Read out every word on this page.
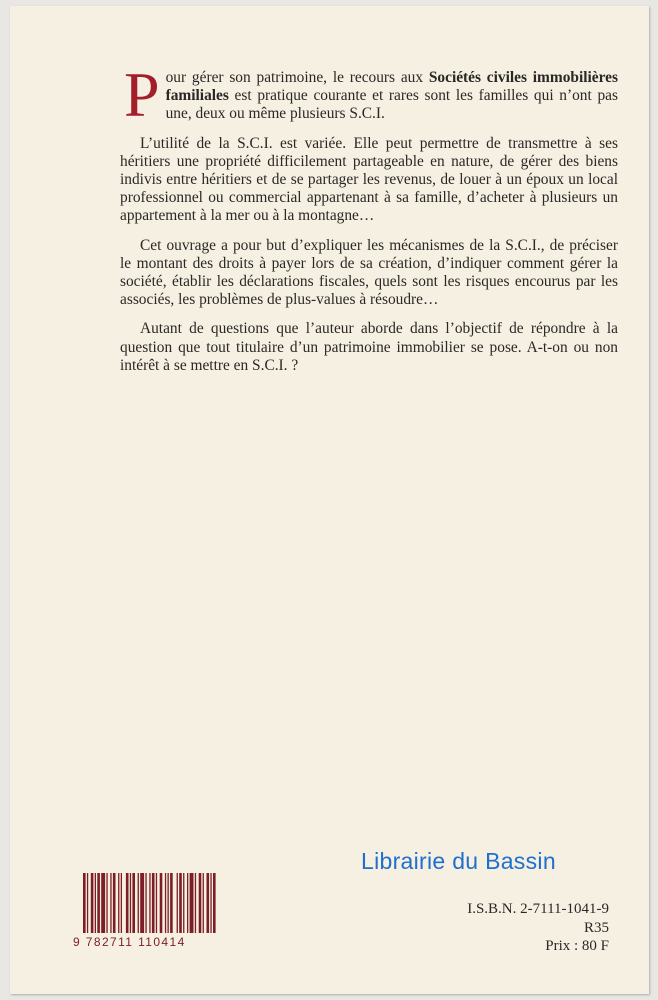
Pour gérer son patrimoine, le recours aux Sociétés civiles immobilières familiales est pratique courante et rares sont les familles qui n’ont pas une, deux ou même plusieurs S.C.I.

L’utilité de la S.C.I. est variée. Elle peut permettre de transmettre à ses héritiers une propriété difficilement partageable en nature, de gérer des biens indivis entre héritiers et de se partager les revenus, de louer à un époux un local professionnel ou commercial appartenant à sa famille, d’acheter à plusieurs un appartement à la mer ou à la montagne…

Cet ouvrage a pour but d’expliquer les mécanismes de la S.C.I., de préciser le montant des droits à payer lors de sa création, d’indiquer comment gérer la société, établir les déclarations fiscales, quels sont les risques encourus par les associés, les problèmes de plus-values à résoudre…

Autant de questions que l’auteur aborde dans l’objectif de répondre à la question que tout titulaire d’un patrimoine immobilier se pose. A-t-on ou non intérêt à se mettre en S.C.I. ?

Librairie du Bassin
I.S.B.N. 2-7111-1041-9
R35
Prix : 80 F
9 782711 110414
